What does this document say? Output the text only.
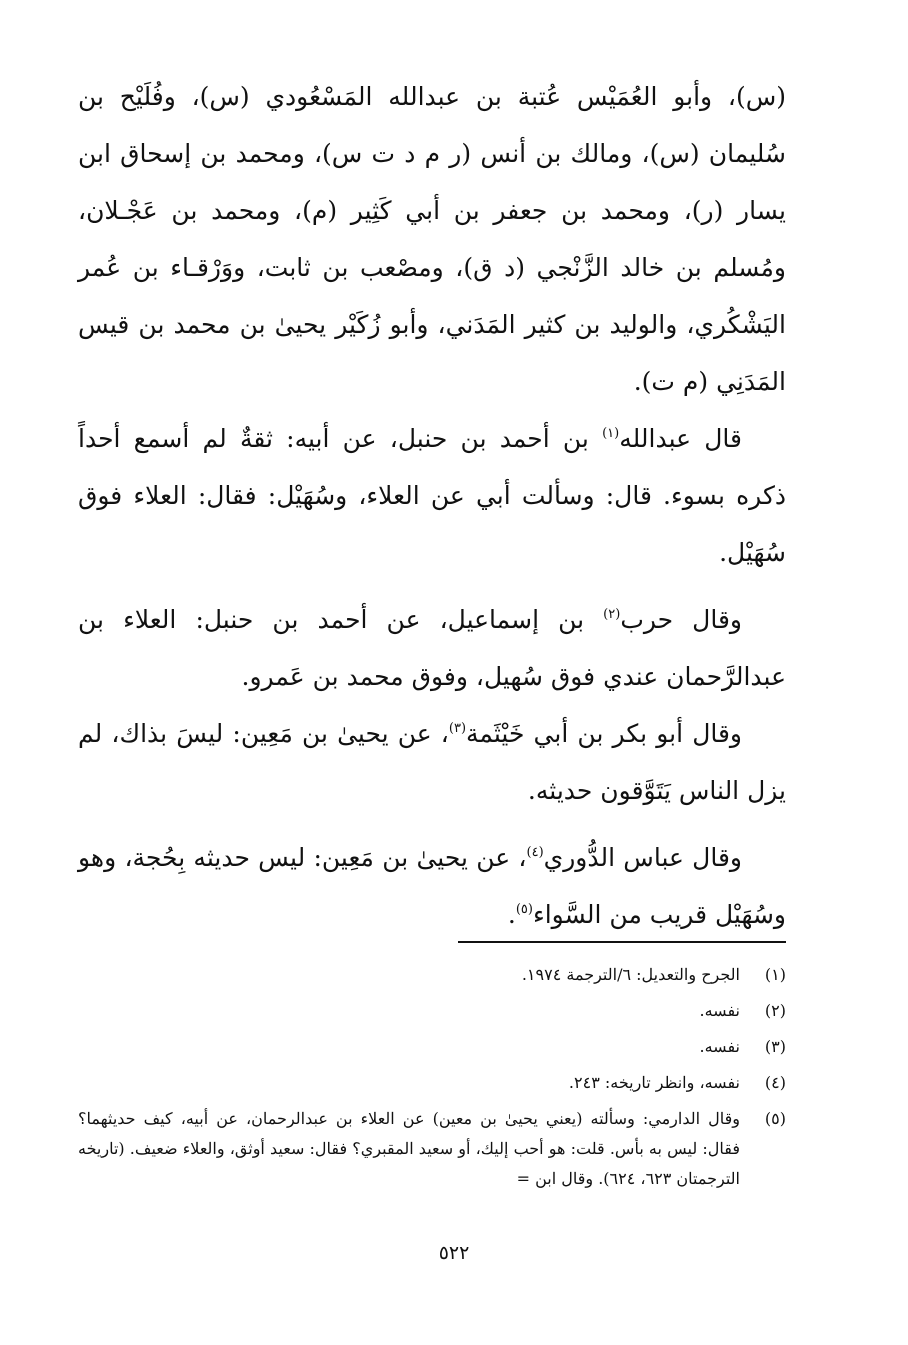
(س)، وأبو العُمَيْس عُتبة بن عبدالله المَسْعُودي (س)، وفُلَيْح بن سُليمان (س)، ومالك بن أنس (ر م د ت س)، ومحمد بن إسحاق ابن يسار (ر)، ومحمد بن جعفر بن أبي كَثِير (م)، ومحمد بن عَجْـلان، ومُسلم بن خالد الزَّنْجي (د ق)، ومصْعب بن ثابت، ووَرْقـاء بن عُمر اليَشْكُري، والوليد بن كثير المَدَني، وأبو زُكَيْر يحيىٰ بن محمد بن قيس المَدَنِي (م ت).

قال عبدالله$^{(١)}$ بن أحمد بن حنبل، عن أبيه: ثقةٌ لم أسمع أحداً ذكره بسوء. قال: وسألت أبي عن العلاء، وسُهَيْل: فقال: العلاء فوق سُهَيْل.

وقال حرب$^{(٢)}$ بن إسماعيل، عن أحمد بن حنبل: العلاء بن عبدالرَّحمان عندي فوق سُهيل، وفوق محمد بن عَمرو.

وقال أبو بكر بن أبي خَيْثَمة$^{(٣)}$، عن يحيىٰ بن مَعِين: ليسَ بذاك، لم يزل الناس يَتَوَّقون حديثه.

وقال عباس الدُّوري$^{(٤)}$، عن يحيىٰ بن مَعِين: ليس حديثه بِحُجة، وهو وسُهَيْل قريب من السَّواء$^{(٥)}$.

(١)
الجرح والتعديل: ٦/الترجمة ١٩٧٤.
(٢)
نفسه.
(٣)
نفسه.
(٤)
نفسه، وانظر تاريخه: ٢٤٣.
(٥)
وقال الدارمي: وسألته (يعني يحيىٰ بن معين) عن العلاء بن عبدالرحمان، عن أبيه، كيف حديثهما؟ فقال: ليس به بأس. قلت: هو أحب إليك، أو سعيد المقبري؟ فقال: سعيد أوثق، والعلاء ضعيف. (تاريخه الترجمتان ٦٢٣، ٦٢٤). وقال ابن =
٥٢٢
